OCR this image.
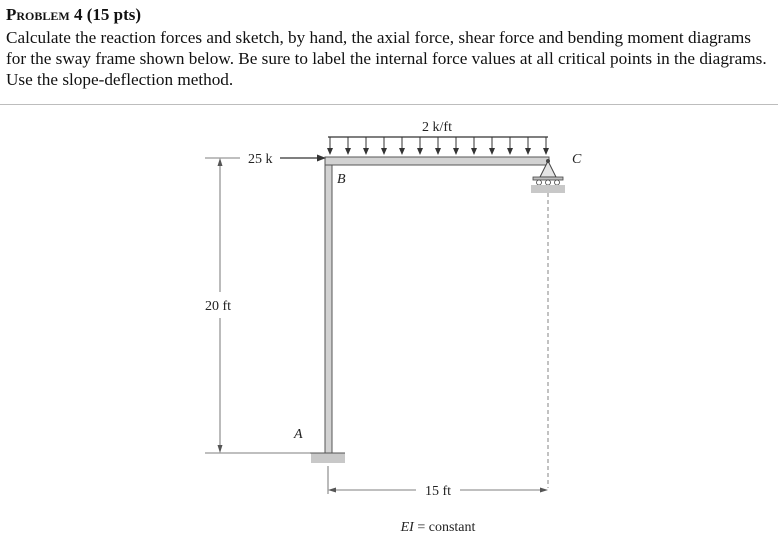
Problem 4 (15 pts)
Calculate the reaction forces and sketch, by hand, the axial force, shear force and bending moment diagrams for the sway frame shown below. Be sure to label the internal force values at all critical points in the diagrams. Use the slope-deflection method.
2 k/ft
25 k
B
C
A
20 ft
15 ft
EI = constant
